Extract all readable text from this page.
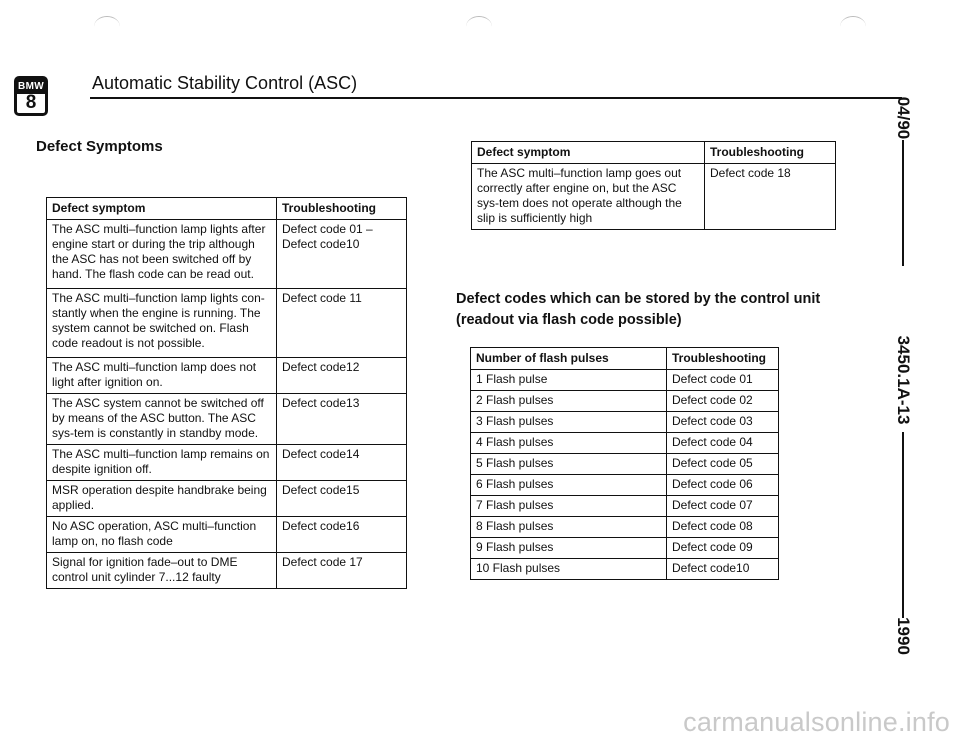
BMW
8
Automatic Stability Control (ASC)
Defect Symptoms
Defect symptom	Troubleshooting
The ASC multi–function lamp lights after engine start or during the trip although the ASC has not been switched off by hand. The flash code can be read out.	Defect code 01 – Defect code10
The ASC multi–function lamp lights con-stantly when the engine is running. The system cannot be switched on. Flash code readout is not possible.	Defect code 11
The ASC multi–function lamp does not light after ignition on.	Defect code12
The ASC system cannot be switched off by means of the ASC button. The ASC sys-tem is constantly in standby mode.	Defect code13
The ASC multi–function lamp remains on despite ignition off.	Defect code14
MSR operation despite handbrake being applied.	Defect code15
No ASC operation, ASC multi–function lamp on, no flash code	Defect code16
Signal for ignition fade–out to DME control unit cylinder 7...12 faulty	Defect code 17
Defect symptom	Troubleshooting
The ASC multi–function lamp goes out correctly after engine on, but the ASC sys-tem does not operate although the slip is sufficiently high	Defect code 18
Defect codes which can be stored by the control unit
(readout via flash code possible)
Number of flash pulses	Troubleshooting
1 Flash pulse	Defect code 01
2 Flash pulses	Defect code 02
3 Flash pulses	Defect code 03
4 Flash pulses	Defect code 04
5 Flash pulses	Defect code 05
6 Flash pulses	Defect code 06
7 Flash pulses	Defect code 07
8 Flash pulses	Defect code 08
9 Flash pulses	Defect code 09
10 Flash pulses	Defect code10
04/90
3450.1A-13
1990
carmanualsonline.info
